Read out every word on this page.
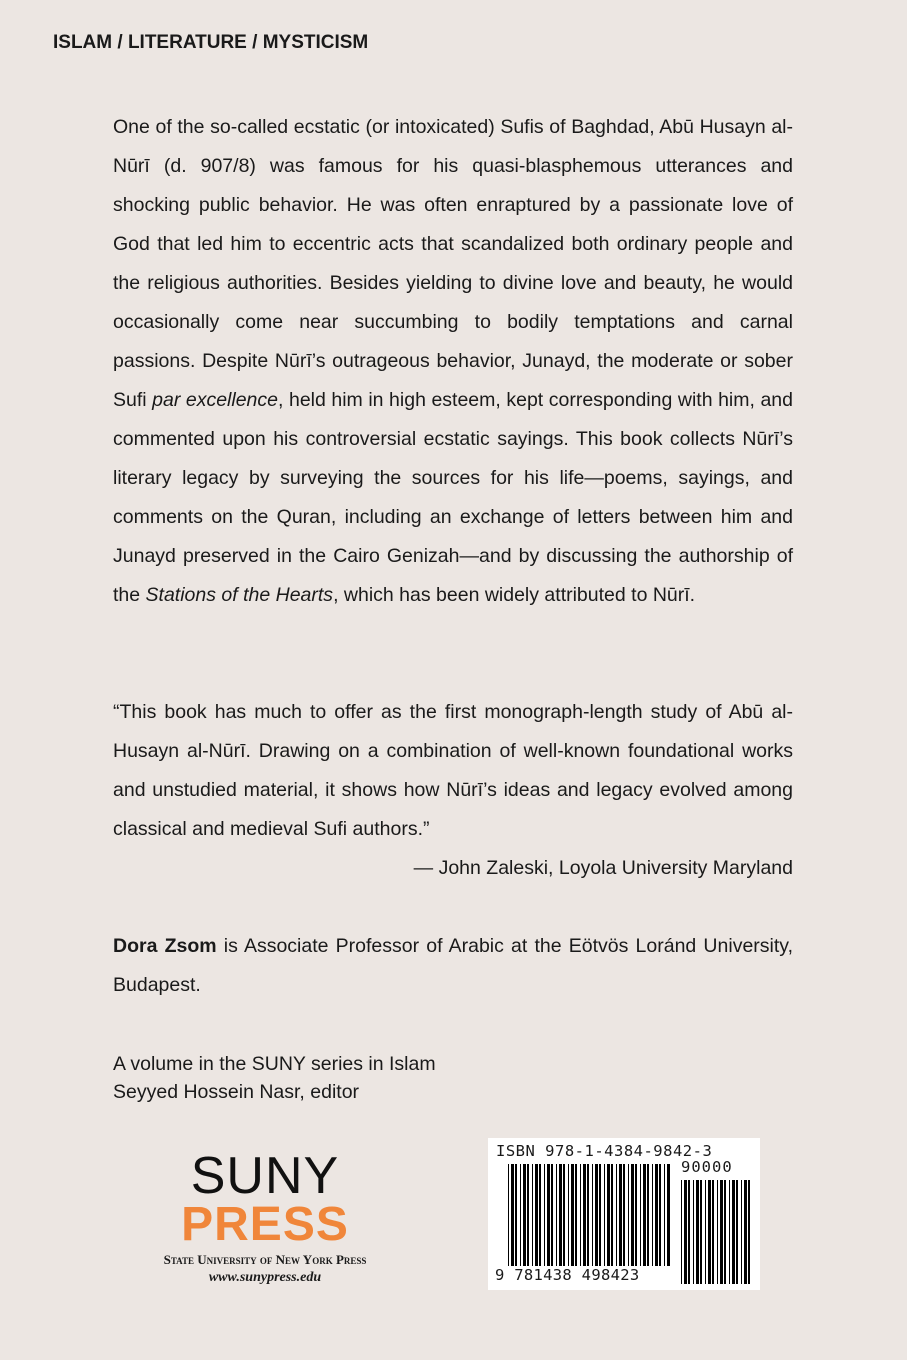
ISLAM / LITERATURE / MYSTICISM

One of the so-called ecstatic (or intoxicated) Sufis of Baghdad, Abū Husayn al-Nūrī (d. 907/8) was famous for his quasi-blasphemous utterances and shocking public behavior. He was often enraptured by a passionate love of God that led him to eccentric acts that scandalized both ordinary people and the religious authorities. Besides yielding to divine love and beauty, he would occasionally come near succumbing to bodily temptations and carnal passions. Despite Nūrī’s outrageous behavior, Junayd, the moderate or sober Sufi par excellence, held him in high esteem, kept corresponding with him, and commented upon his controversial ecstatic sayings. This book collects Nūrī’s literary legacy by surveying the sources for his life—poems, sayings, and comments on the Quran, including an exchange of letters between him and Junayd preserved in the Cairo Genizah—and by discussing the authorship of the Stations of the Hearts, which has been widely attributed to Nūrī.

“This book has much to offer as the first monograph-length study of Abū al-Husayn al-Nūrī. Drawing on a combination of well-known foundational works and unstudied material, it shows how Nūrī’s ideas and legacy evolved among classical and medieval Sufi authors.”

— John Zaleski, Loyola University Maryland

Dora Zsom is Associate Professor of Arabic at the Eötvös Loránd University, Budapest.

A volume in the SUNY series in Islam
Seyyed Hossein Nasr, editor
SUNY
PRESS
State University of New York Press
www.sunypress.edu
ISBN 978-1-4384-9842-3
90000
9 781438 498423
